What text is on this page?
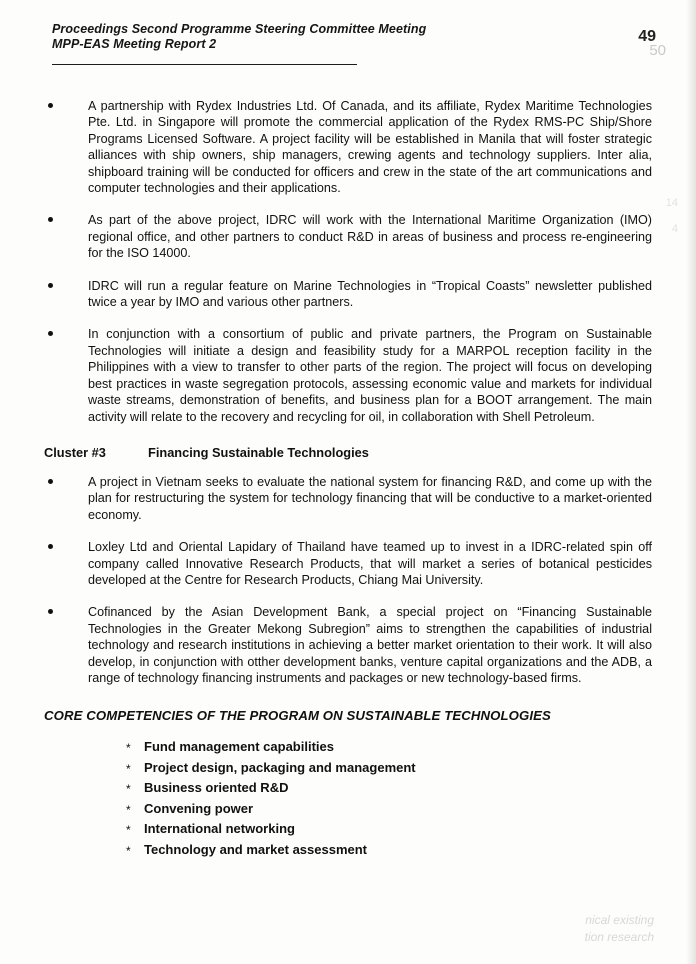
Proceedings Second Programme Steering Committee Meeting
MPP-EAS Meeting Report 2	49
50
14
4

A partnership with Rydex Industries Ltd. Of Canada, and its affiliate, Rydex Maritime Technologies Pte. Ltd. in Singapore will promote the commercial application of the Rydex RMS-PC Ship/Shore Programs Licensed Software. A project facility will be established in Manila that will foster strategic alliances with ship owners, ship managers, crewing agents and technology suppliers. Inter alia, shipboard training will be conducted for officers and crew in the state of the art communications and computer technologies and their applications.

As part of the above project, IDRC will work with the International Maritime Organization (IMO) regional office, and other partners to conduct R&D in areas of business and process re-engineering for the ISO 14000.

IDRC will run a regular feature on Marine Technologies in “Tropical Coasts” newsletter published twice a year by IMO and various other partners.

In conjunction with a consortium of public and private partners, the Program on Sustainable Technologies will initiate a design and feasibility study for a MARPOL reception facility in the Philippines with a view to transfer to other parts of the region. The project will focus on developing best practices in waste segregation protocols, assessing economic value and markets for individual waste streams, demonstration of benefits, and business plan for a BOOT arrangement. The main activity will relate to the recovery and recycling for oil, in collaboration with Shell Petroleum.

Cluster #3	Financing Sustainable Technologies

A project in Vietnam seeks to evaluate the national system for financing R&D, and come up with the plan for restructuring the system for technology financing that will be conductive to a market-oriented economy.

Loxley Ltd and Oriental Lapidary of Thailand have teamed up to invest in a IDRC-related spin off company called Innovative Research Products, that will market a series of botanical pesticides developed at the Centre for Research Products, Chiang Mai University.

Cofinanced by the Asian Development Bank, a special project on “Financing Sustainable Technologies in the Greater Mekong Subregion” aims to strengthen the capabilities of industrial technology and research institutions in achieving a better market orientation to their work. It will also develop, in conjunction with otther development banks, venture capital organizations and the ADB, a range of technology financing instruments and packages or new technology-based firms.

CORE COMPETENCIES OF THE PROGRAM ON SUSTAINABLE TECHNOLOGIES
* Fund management capabilities
* Project design, packaging and management
* Business oriented R&D
* Convening power
* International networking
* Technology and market assessment
nical existing
tion research
